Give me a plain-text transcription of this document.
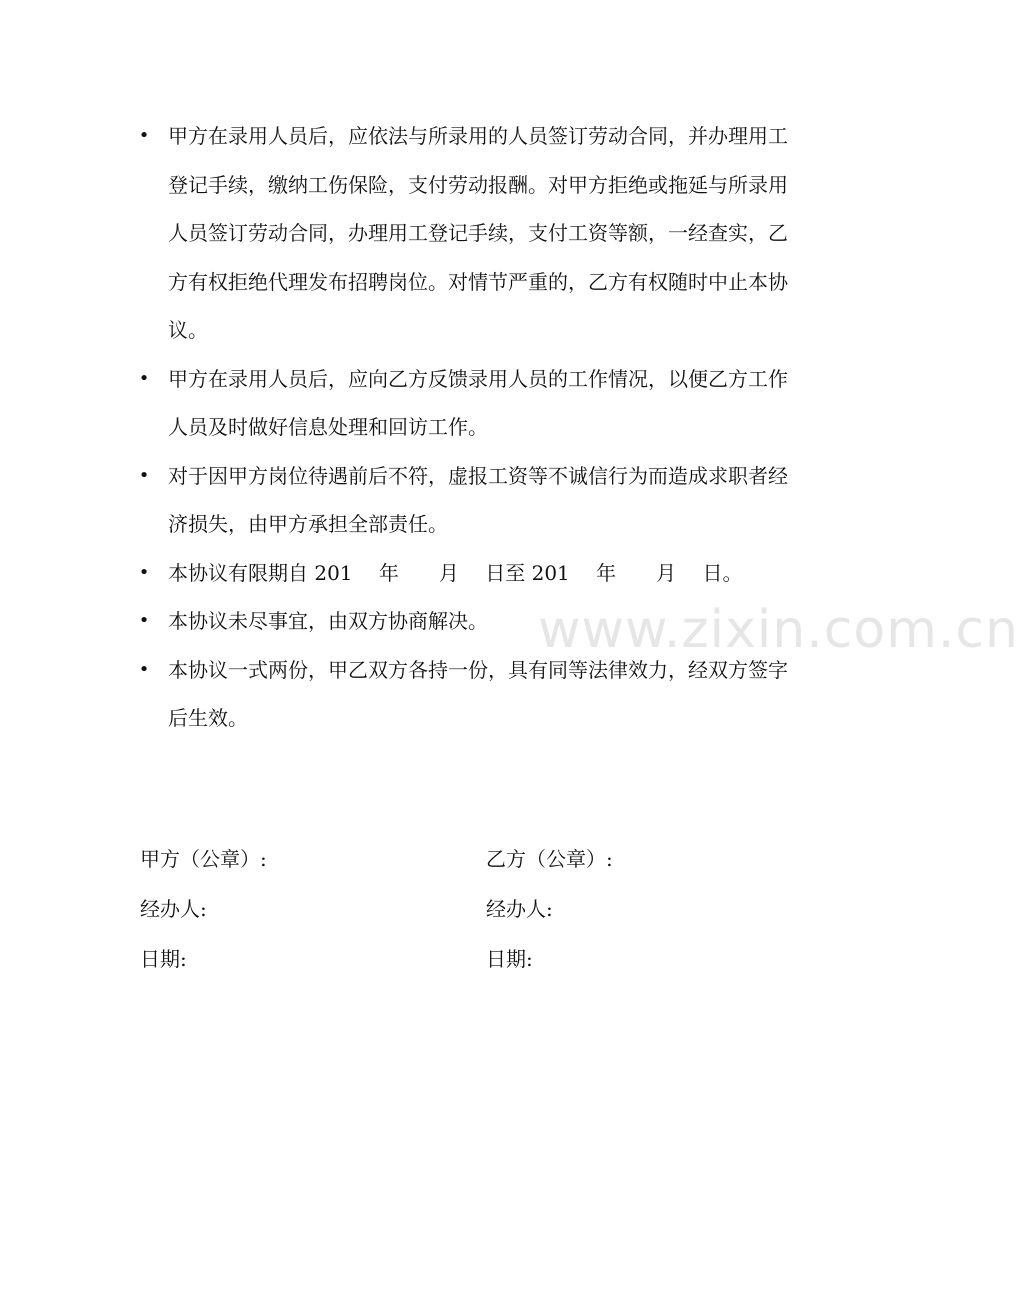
• 甲方在录用人员后，应依法与所录用的人员签订劳动合同，并办理用工登记手续，缴纳工伤保险，支付劳动报酬。对甲方拒绝或拖延与所录用人员签订劳动合同，办理用工登记手续，支付工资等额，一经查实，乙方有权拒绝代理发布招聘岗位。对情节严重的，乙方有权随时中止本协议。
• 甲方在录用人员后，应向乙方反馈录用人员的工作情况，以便乙方工作人员及时做好信息处理和回访工作。
• 对于因甲方岗位待遇前后不符，虚报工资等不诚信行为而造成求职者经济损失，由甲方承担全部责任。
• 本协议有限期自 201　 年　　月　 日至 201　 年　　月　 日。
• 本协议未尽事宜，由双方协商解决。
• 本协议一式两份，甲乙双方各持一份，具有同等法律效力，经双方签字后生效。
www.zixin.com.cn
甲方（公章）:
经办人:
日期:
乙方（公章）:
经办人:
日期:
